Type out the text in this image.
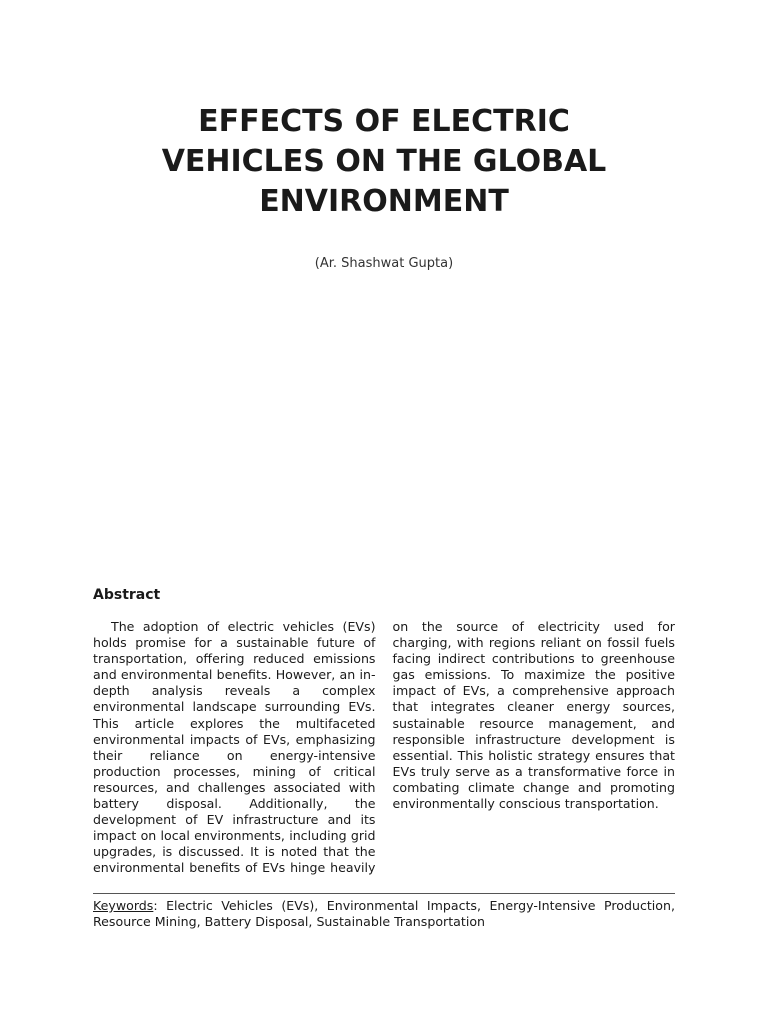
EFFECTS OF ELECTRIC
VEHICLES ON THE GLOBAL
ENVIRONMENT
(Ar. Shashwat Gupta)
Abstract

The adoption of electric vehicles (EVs) holds promise for a sustainable future of transportation, offering reduced emissions and environmental benefits. However, an in-depth analysis reveals a complex environmental landscape surrounding EVs. This article explores the multifaceted environmental impacts of EVs, emphasizing their reliance on energy-intensive production processes, mining of critical resources, and challenges associated with battery disposal. Additionally, the development of EV infrastructure and its impact on local environments, including grid upgrades, is discussed. It is noted that the environmental benefits of EVs hinge heavily on the source of electricity used for charging, with regions reliant on fossil fuels facing indirect contributions to greenhouse gas emissions. To maximize the positive impact of EVs, a comprehensive approach that integrates cleaner energy sources, sustainable resource management, and responsible infrastructure development is essential. This holistic strategy ensures that EVs truly serve as a transformative force in combating climate change and promoting environmentally conscious transportation.

Keywords: Electric Vehicles (EVs), Environmental Impacts, Energy-Intensive Production, Resource Mining, Battery Disposal, Sustainable Transportation
